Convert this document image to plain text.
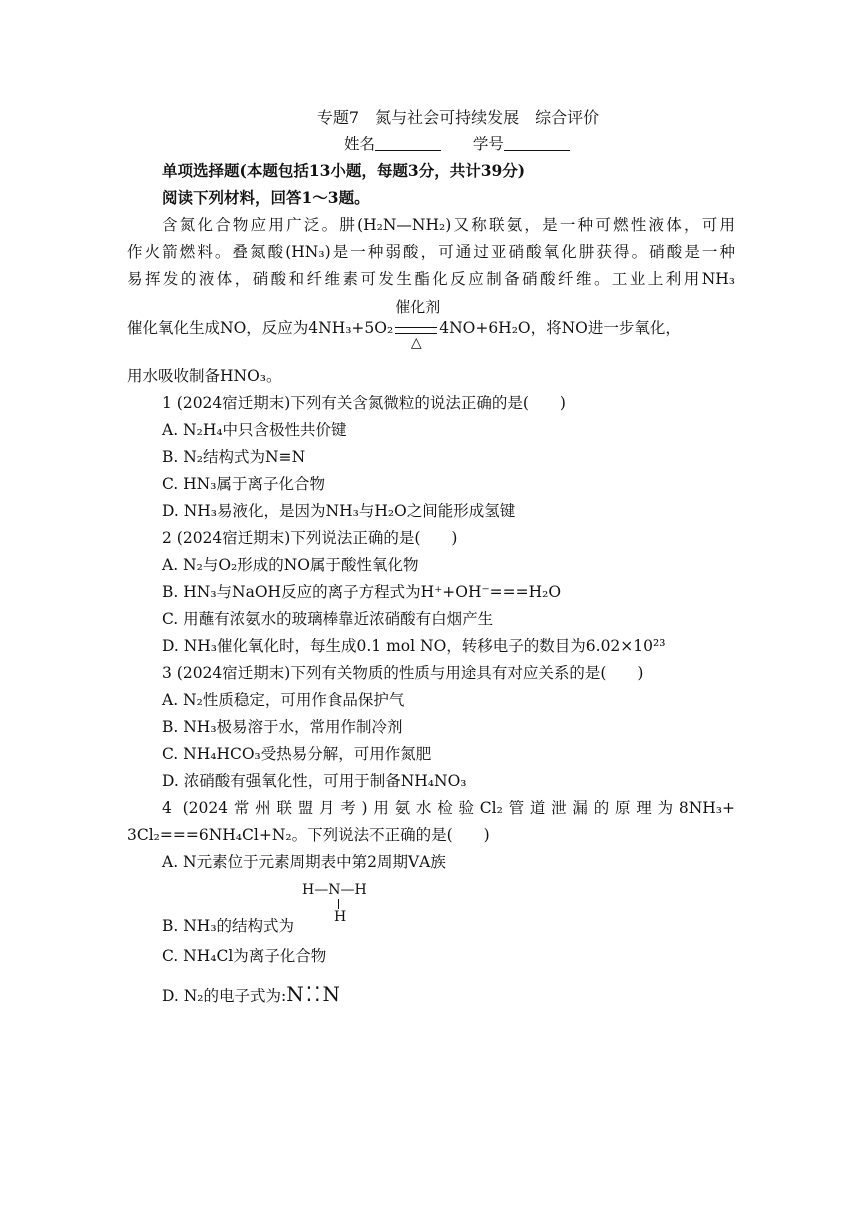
专题7　氮与社会可持续发展　综合评价
姓名	学号
单项选择题(本题包括13小题，每题3分，共计39分)
阅读下列材料，回答1～3题。
含氮化合物应用广泛。肼(H₂N—NH₂)又称联氨，是一种可燃性液体，可用
作火箭燃料。叠氮酸(HN₃)是一种弱酸，可通过亚硝酸氧化肼获得。硝酸是一种
易挥发的液体，硝酸和纤维素可发生酯化反应制备硝酸纤维。工业上利用NH₃
催化氧化生成NO，反应为4NH₃+5O₂
催化剂
△
4NO+6H₂O，将NO进一步氧化，
用水吸收制备HNO₃。
1 (2024宿迁期末)下列有关含氮微粒的说法正确的是(　　)
A. N₂H₄中只含极性共价键
B. N₂结构式为N≡N
C. HN₃属于离子化合物
D. NH₃易液化，是因为NH₃与H₂O之间能形成氢键
2 (2024宿迁期末)下列说法正确的是(　　)
A. N₂与O₂形成的NO属于酸性氧化物
B. HN₃与NaOH反应的离子方程式为H⁺+OH⁻===H₂O
C. 用蘸有浓氨水的玻璃棒靠近浓硝酸有白烟产生
D. NH₃催化氧化时，每生成0.1 mol NO，转移电子的数目为6.02×10²³
3 (2024宿迁期末)下列有关物质的性质与用途具有对应关系的是(　　)
A. N₂性质稳定，可用作食品保护气
B. NH₃极易溶于水，常用作制冷剂
C. NH₄HCO₃受热易分解，可用作氮肥
D. 浓硝酸有强氧化性，可用于制备NH₄NO₃
4 (2024常州联盟月考)用氨水检验Cl₂管道泄漏的原理为8NH₃+
3Cl₂===6NH₄Cl+N₂。下列说法不正确的是(　　)
A. N元素位于元素周期表中第2周期ⅤA族
H—N—H
H
B. NH₃的结构式为
C. NH₄Cl为离子化合物
D. N₂的电子式为:N⁚⁚N
